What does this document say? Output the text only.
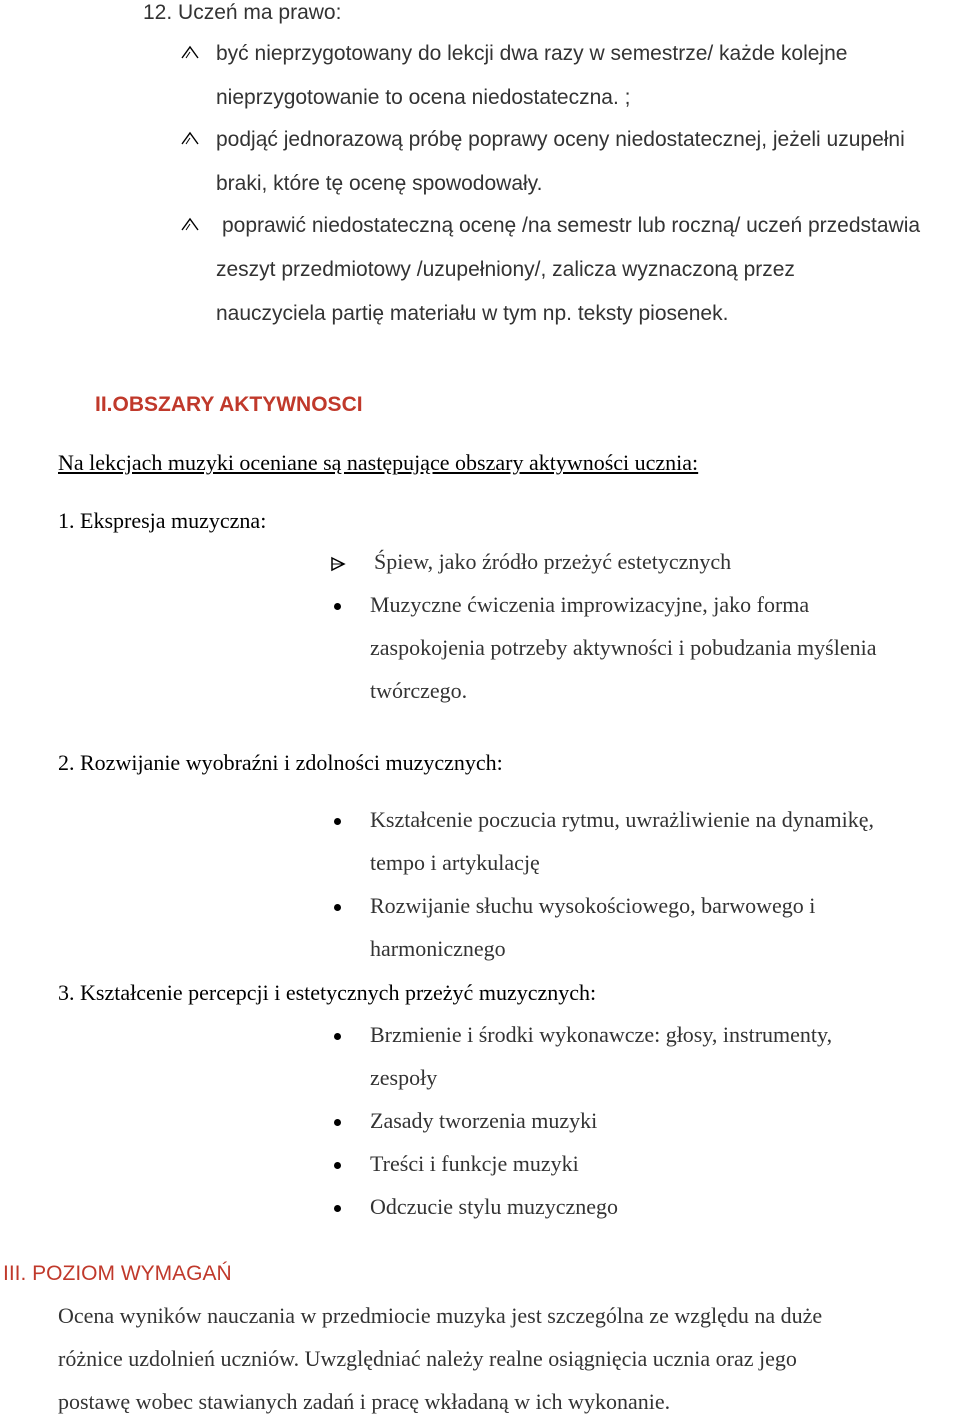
12. Uczeń ma prawo:
być nieprzygotowany do lekcji dwa razy w semestrze/ każde kolejne
nieprzygotowanie to ocena niedostateczna. ;
podjąć jednorazową próbę poprawy oceny niedostatecznej, jeżeli uzupełni
braki, które tę ocenę spowodowały.
poprawić niedostateczną ocenę /na semestr lub roczną/ uczeń przedstawia
zeszyt przedmiotowy /uzupełniony/, zalicza wyznaczoną przez
nauczyciela partię materiału w tym np. teksty piosenek.
II.OBSZARY AKTYWNOSCI
Na lekcjach muzyki oceniane są następujące obszary aktywności ucznia:
1. Ekspresja muzyczna:
Śpiew, jako źródło przeżyć estetycznych
Muzyczne ćwiczenia improwizacyjne, jako forma
zaspokojenia potrzeby aktywności i pobudzania myślenia
twórczego.
2. Rozwijanie wyobraźni i zdolności muzycznych:
Kształcenie poczucia rytmu, uwrażliwienie na dynamikę,
tempo i artykulację
Rozwijanie słuchu wysokościowego, barwowego i
harmonicznego
3. Kształcenie percepcji i estetycznych przeżyć muzycznych:
Brzmienie i środki wykonawcze: głosy, instrumenty,
zespoły
Zasady tworzenia muzyki
Treści i funkcje muzyki
Odczucie stylu muzycznego
III. POZIOM WYMAGAŃ
Ocena wyników nauczania w przedmiocie muzyka jest szczególna ze względu na duże
różnice uzdolnień uczniów. Uwzględniać należy realne osiągnięcia ucznia oraz jego
postawę wobec stawianych zadań i pracę wkładaną w ich wykonanie.
